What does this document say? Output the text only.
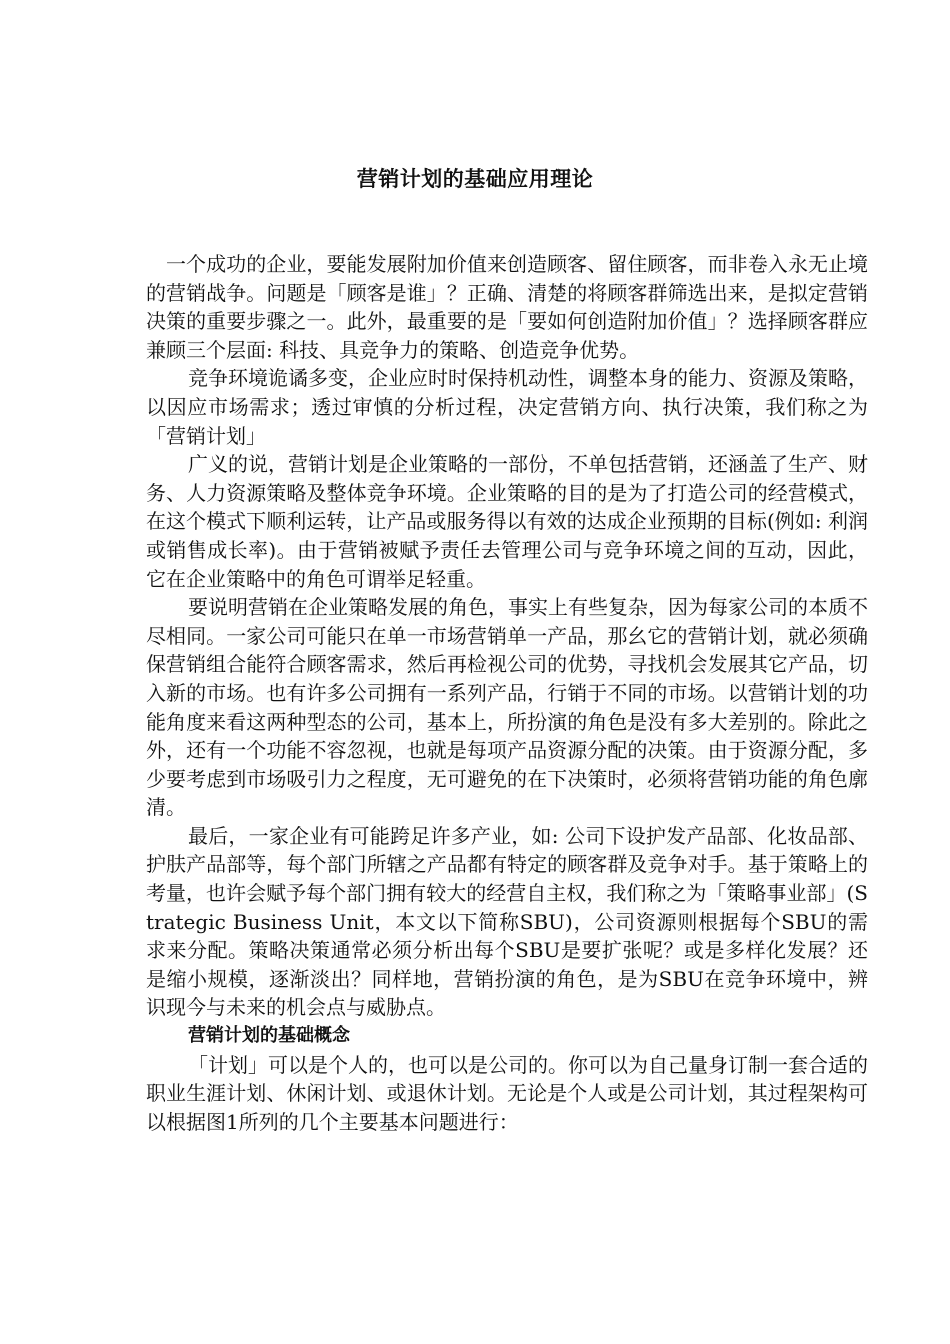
营销计划的基础应用理论

一个成功的企业，要能发展附加价值来创造顾客、留住顾客，而非卷入永无止境的营销战争。问题是「顾客是谁」？正确、清楚的将顾客群筛选出来，是拟定营销决策的重要步骤之一。此外，最重要的是「要如何创造附加价值」？选择顾客群应兼顾三个层面: 科技、具竞争力的策略、创造竞争优势。

竞争环境诡谲多变，企业应时时保持机动性，调整本身的能力、资源及策略，以因应市场需求；透过审慎的分析过程，决定营销方向、执行决策，我们称之为「营销计划」

广义的说，营销计划是企业策略的一部份，不单包括营销，还涵盖了生产、财务、人力资源策略及整体竞争环境。企业策略的目的是为了打造公司的经营模式，在这个模式下顺利运转，让产品或服务得以有效的达成企业预期的目标(例如: 利润或销售成长率)。由于营销被赋予责任去管理公司与竞争环境之间的互动，因此，它在企业策略中的角色可谓举足轻重。

要说明营销在企业策略发展的角色，事实上有些复杂，因为每家公司的本质不尽相同。一家公司可能只在单一市场营销单一产品，那幺它的营销计划，就必须确保营销组合能符合顾客需求，然后再检视公司的优势，寻找机会发展其它产品，切入新的市场。也有许多公司拥有一系列产品，行销于不同的市场。以营销计划的功能角度来看这两种型态的公司，基本上，所扮演的角色是没有多大差别的。除此之外，还有一个功能不容忽视，也就是每项产品资源分配的决策。由于资源分配，多少要考虑到市场吸引力之程度，无可避免的在下决策时，必须将营销功能的角色廓清。

最后，一家企业有可能跨足许多产业，如: 公司下设护发产品部、化妆品部、护肤产品部等，每个部门所辖之产品都有特定的顾客群及竞争对手。基于策略上的考量，也许会赋予每个部门拥有较大的经营自主权，我们称之为「策略事业部」(Strategic Business Unit，本文以下简称SBU)，公司资源则根据每个SBU的需求来分配。策略决策通常必须分析出每个SBU是要扩张呢？或是多样化发展？还是缩小规模，逐渐淡出？同样地，营销扮演的角色，是为SBU在竞争环境中，辨识现今与未来的机会点与威胁点。

营销计划的基础概念

「计划」可以是个人的，也可以是公司的。你可以为自己量身订制一套合适的职业生涯计划、休闲计划、或退休计划。无论是个人或是公司计划，其过程架构可以根据图1所列的几个主要基本问题进行：
